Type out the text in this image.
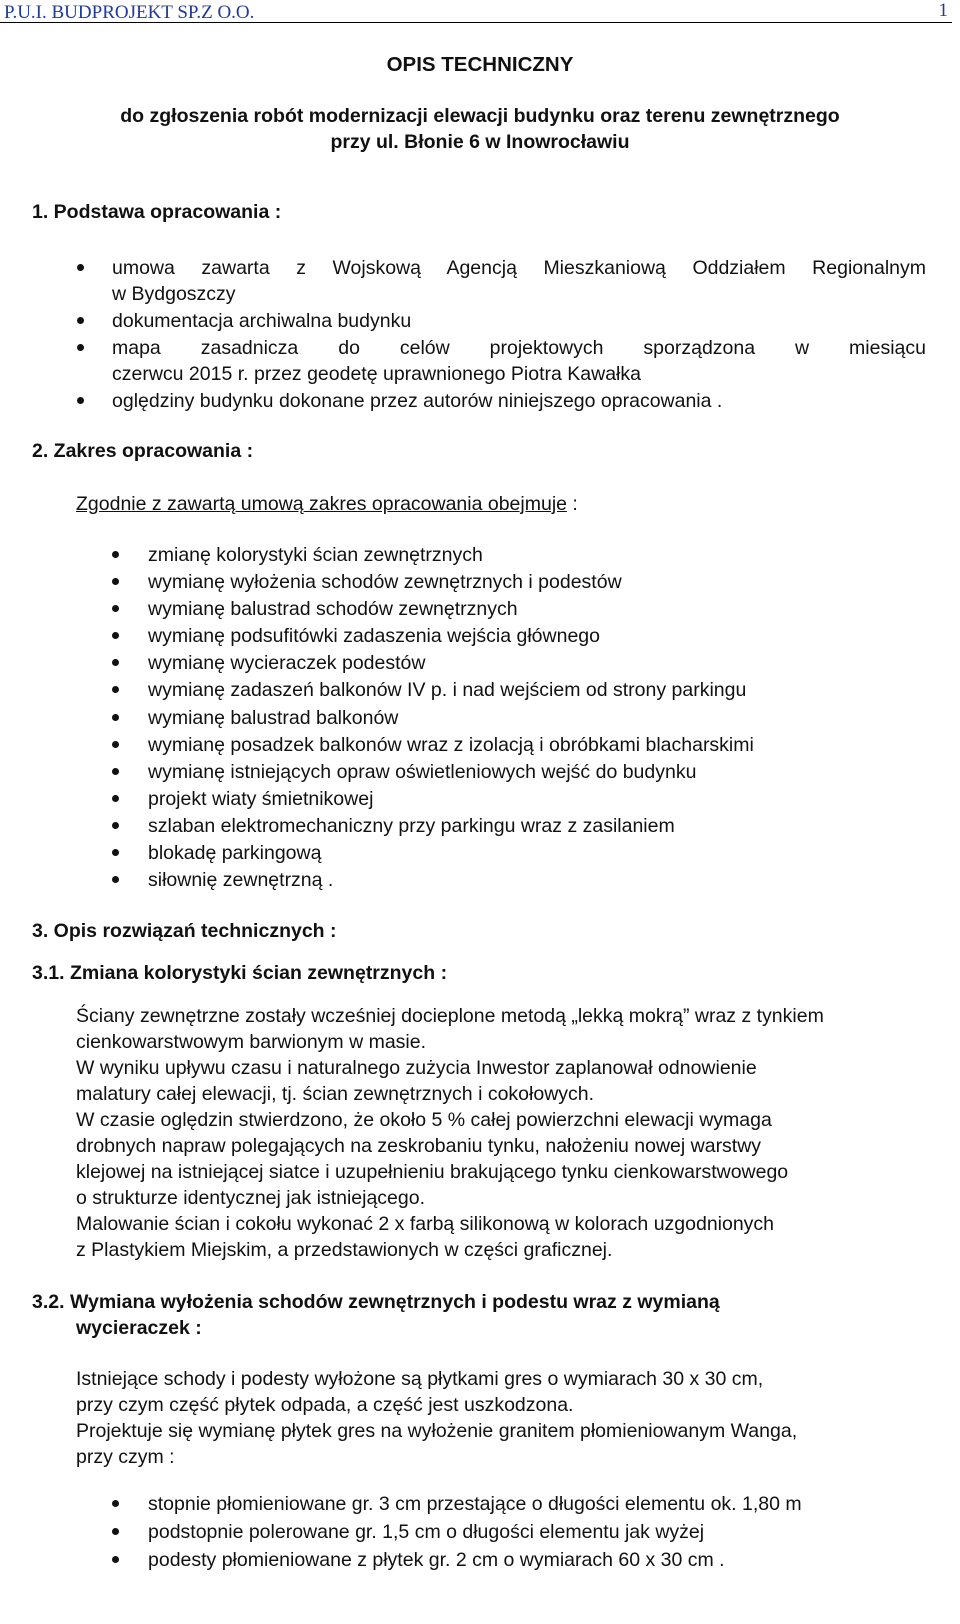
P.U.I. BUDPROJEKT SP.Z O.O.	1
OPIS TECHNICZNY
do zgłoszenia robót modernizacji elewacji budynku oraz terenu zewnętrznego
przy ul. Błonie 6 w Inowrocławiu
1. Podstawa opracowania :
umowa zawarta z Wojskową Agencją Mieszkaniową Oddziałem Regionalnym
w Bydgoszczy
dokumentacja archiwalna budynku
mapa zasadnicza do celów projektowych sporządzona w miesiącu
czerwcu 2015 r. przez geodetę uprawnionego Piotra Kawałka
oględziny budynku dokonane przez autorów niniejszego opracowania .
2. Zakres opracowania :
Zgodnie z zawartą umową zakres opracowania obejmuje :
zmianę kolorystyki ścian zewnętrznych
wymianę wyłożenia schodów zewnętrznych i podestów
wymianę balustrad schodów zewnętrznych
wymianę podsufitówki zadaszenia wejścia głównego
wymianę wycieraczek podestów
wymianę zadaszeń balkonów IV p. i nad wejściem od strony parkingu
wymianę balustrad balkonów
wymianę posadzek balkonów wraz z izolacją i obróbkami blacharskimi
wymianę istniejących opraw oświetleniowych wejść do budynku
projekt wiaty śmietnikowej
szlaban elektromechaniczny przy parkingu wraz z zasilaniem
blokadę parkingową
siłownię zewnętrzną .
3. Opis rozwiązań technicznych :
3.1. Zmiana kolorystyki ścian zewnętrznych :
Ściany zewnętrzne zostały wcześniej docieplone metodą „lekką mokrą” wraz z tynkiem
cienkowarstwowym barwionym w masie.
W wyniku upływu czasu i naturalnego zużycia Inwestor zaplanował odnowienie
malatury całej elewacji, tj. ścian zewnętrznych i cokołowych.
W czasie oględzin stwierdzono, że około 5 % całej powierzchni elewacji wymaga
drobnych napraw polegających na zeskrobaniu tynku, nałożeniu nowej warstwy
klejowej na istniejącej siatce i uzupełnieniu brakującego tynku cienkowarstwowego
o strukturze identycznej jak istniejącego.
Malowanie ścian i cokołu wykonać 2 x farbą silikonową w kolorach uzgodnionych
z Plastykiem Miejskim, a przedstawionych w części graficznej.
3.2. Wymiana wyłożenia schodów zewnętrznych i podestu wraz z wymianą
wycieraczek :
Istniejące schody i podesty wyłożone są płytkami gres o wymiarach 30 x 30 cm,
przy czym część płytek odpada, a część jest uszkodzona.
Projektuje się wymianę płytek gres na wyłożenie granitem płomieniowanym Wanga,
przy czym :
stopnie płomieniowane gr. 3 cm przestające o długości elementu ok. 1,80 m
podstopnie polerowane gr. 1,5 cm o długości elementu jak wyżej
podesty płomieniowane z płytek gr. 2 cm o wymiarach 60 x 30 cm .
